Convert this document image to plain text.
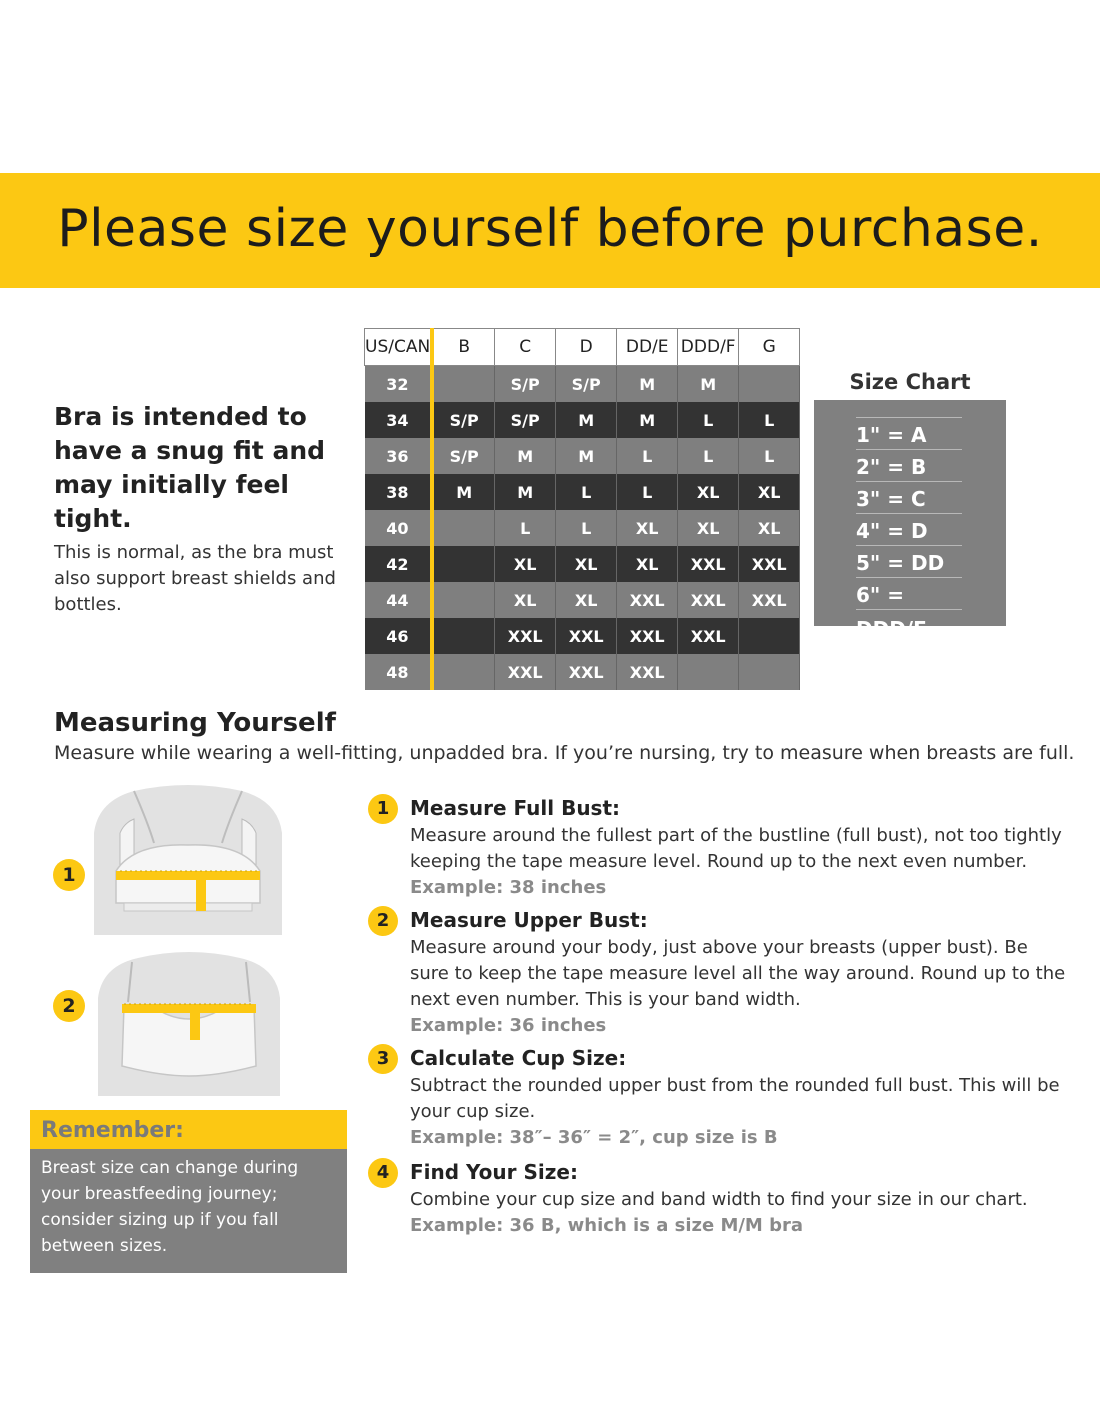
Please size yourself before purchase.
Bra is intended to have a snug fit and may initially feel tight.

This is normal, as the bra must also support breast shields and bottles.

US/CAN	B	C	D	DD/E	DDD/F	G
32		S/P	S/P	M	M	
34	S/P	S/P	M	M	L	L
36	S/P	M	M	L	L	L
38	M	M	L	L	XL	XL
40		L	L	XL	XL	XL
42		XL	XL	XL	XXL	XXL
44		XL	XL	XXL	XXL	XXL
46		XXL	XXL	XXL	XXL	
48		XXL	XXL	XXL		
Size Chart
1" = A
2" = B
3" = C
4" = D
5" = DD
6" = DDD/F
Measuring Yourself
Measure while wearing a well-fitting, unpadded bra. If you’re nursing, try to measure when breasts are full.
1
2
Remember:
Breast size can change during your breastfeeding journey; consider sizing up if you fall between sizes.
1	Measure Full Bust:

Measure around the fullest part of the bustline (full bust), not too tightly keeping the tape measure level. Round up to the next even number.

Example: 38 inches
2	Measure Upper Bust:

Measure around your body, just above your breasts (upper bust). Be sure to keep the tape measure level all the way around. Round up to the next even number. This is your band width.

Example: 36 inches
3	Calculate Cup Size:

Subtract the rounded upper bust from the rounded full bust. This will be your cup size.

Example: 38″– 36″ = 2″, cup size is B
4	Find Your Size:

Combine your cup size and band width to find your size in our chart.

Example: 36 B, which is a size M/M bra
